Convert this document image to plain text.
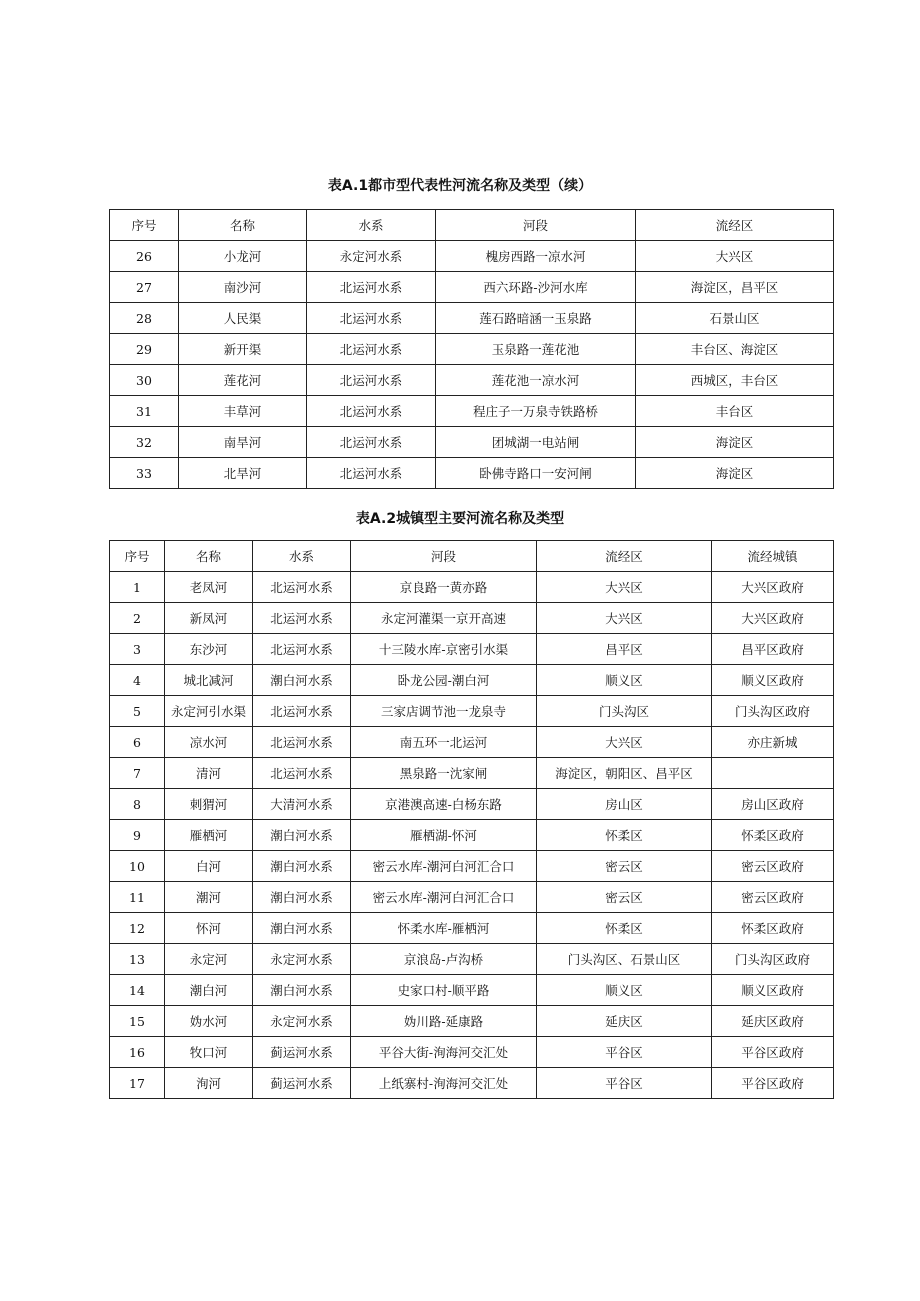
表A.1都市型代表性河流名称及类型（续）
序号	名称	水系	河段	流经区
26	小龙河	永定河水系	槐房西路一凉水河	大兴区
27	南沙河	北运河水系	西六环路-沙河水库	海淀区，昌平区
28	人民渠	北运河水系	莲石路暗涵一玉泉路	石景山区
29	新开渠	北运河水系	玉泉路一莲花池	丰台区、海淀区
30	莲花河	北运河水系	莲花池一凉水河	西城区，丰台区
31	丰草河	北运河水系	程庄子一万泉寺铁路桥	丰台区
32	南旱河	北运河水系	团城湖一电站闸	海淀区
33	北旱河	北运河水系	卧佛寺路口一安河闸	海淀区
表A.2城镇型主要河流名称及类型
序号	名称	水系	河段	流经区	流经城镇
1	老凤河	北运河水系	京良路一黄亦路	大兴区	大兴区政府
2	新凤河	北运河水系	永定河灌渠一京开高速	大兴区	大兴区政府
3	东沙河	北运河水系	十三陵水库-京密引水渠	昌平区	昌平区政府
4	城北减河	潮白河水系	卧龙公园-潮白河	顺义区	顺义区政府
5	永定河引水渠	北运河水系	三家店调节池一龙泉寺	门头沟区	门头沟区政府
6	凉水河	北运河水系	南五环一北运河	大兴区	亦庄新城
7	清河	北运河水系	黑泉路一沈家闸	海淀区，朝阳区、昌平区	
8	刺猬河	大清河水系	京港澳高速-白杨东路	房山区	房山区政府
9	雁栖河	潮白河水系	雁栖湖-怀河	怀柔区	怀柔区政府
10	白河	潮白河水系	密云水库-潮河白河汇合口	密云区	密云区政府
11	潮河	潮白河水系	密云水库-潮河白河汇合口	密云区	密云区政府
12	怀河	潮白河水系	怀柔水库-雁栖河	怀柔区	怀柔区政府
13	永定河	永定河水系	京浪岛-卢沟桥	门头沟区、石景山区	门头沟区政府
14	潮白河	潮白河水系	史家口村-顺平路	顺义区	顺义区政府
15	妫水河	永定河水系	妫川路-延康路	延庆区	延庆区政府
16	牧口河	蓟运河水系	平谷大街-洵海河交汇处	平谷区	平谷区政府
17	洵河	蓟运河水系	上纸寨村-洵海河交汇处	平谷区	平谷区政府
